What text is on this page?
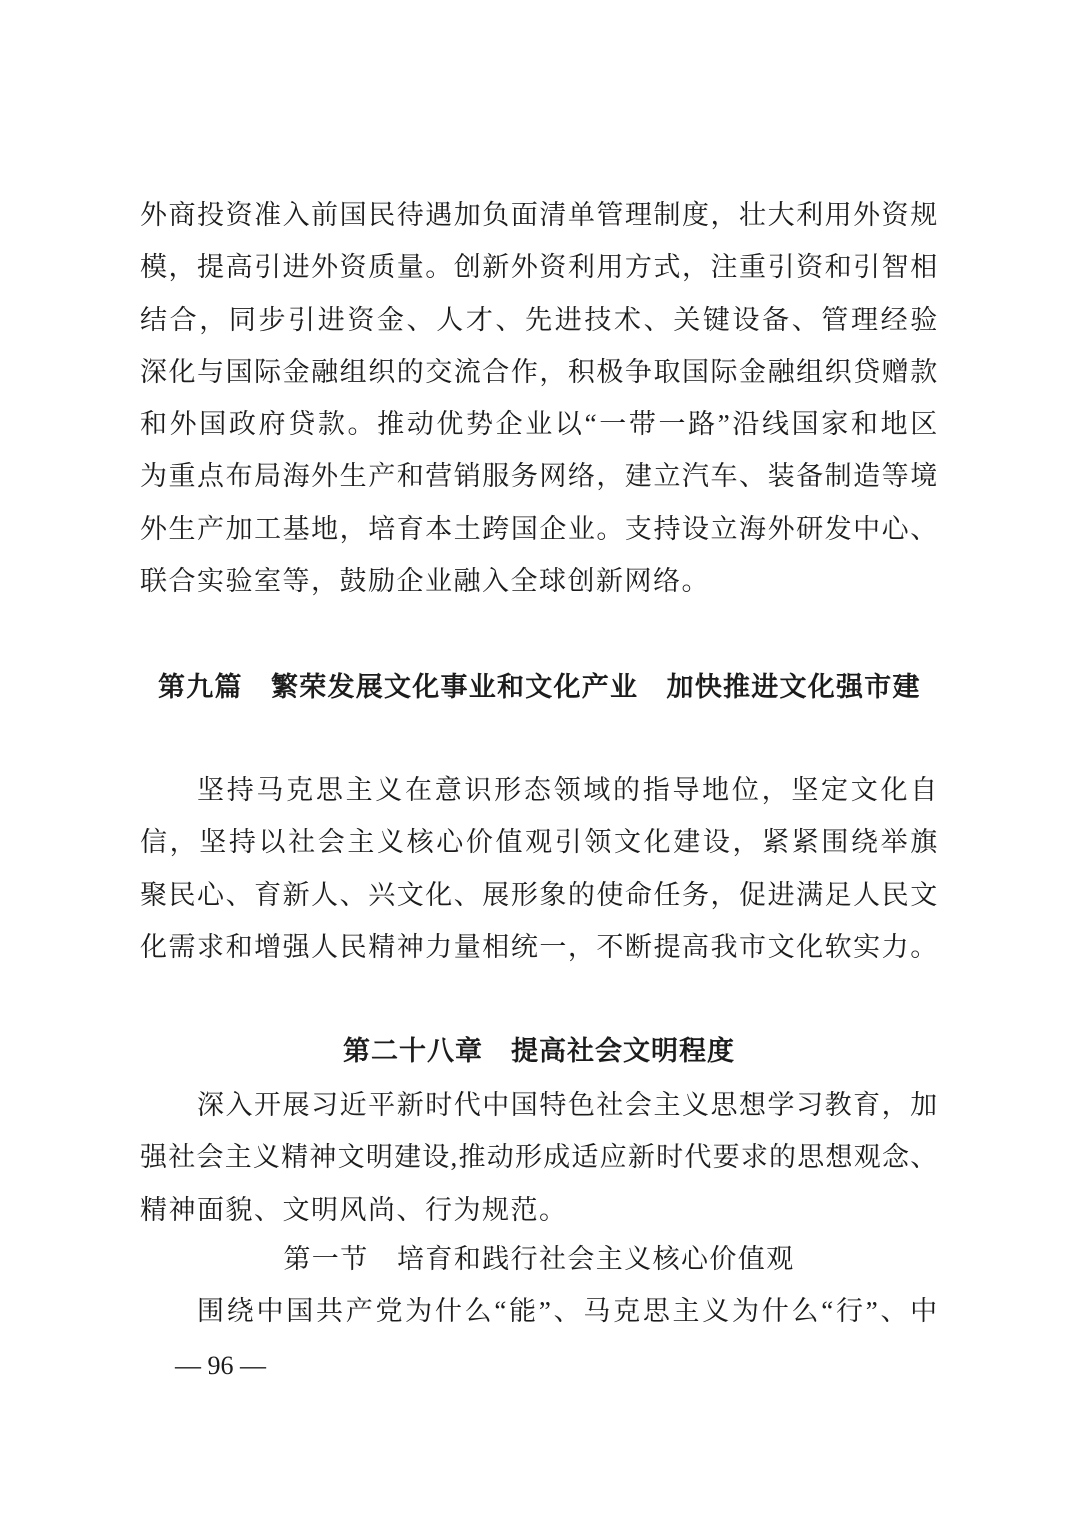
外商投资准入前国民待遇加负面清单管理制度，壮大利用外资规
模，提高引进外资质量。创新外资利用方式，注重引资和引智相
结合，同步引进资金、人才、先进技术、关键设备、管理经验
深化与国际金融组织的交流合作，积极争取国际金融组织贷赠款
和外国政府贷款。推动优势企业以“一带一路”沿线国家和地区
为重点布局海外生产和营销服务网络，建立汽车、装备制造等境
外生产加工基地，培育本土跨国企业。支持设立海外研发中心、
联合实验室等，鼓励企业融入全球创新网络。
第九篇　繁荣发展文化事业和文化产业　加快推进文化强市建
坚持马克思主义在意识形态领域的指导地位，坚定文化自
信，坚持以社会主义核心价值观引领文化建设，紧紧围绕举旗
聚民心、育新人、兴文化、展形象的使命任务，促进满足人民文
化需求和增强人民精神力量相统一，不断提高我市文化软实力。
第二十八章　提高社会文明程度
深入开展习近平新时代中国特色社会主义思想学习教育，加
强社会主义精神文明建设,推动形成适应新时代要求的思想观念、
精神面貌、文明风尚、行为规范。
第一节　培育和践行社会主义核心价值观
围绕中国共产党为什么“能”、马克思主义为什么“行”、中
— 96 —
